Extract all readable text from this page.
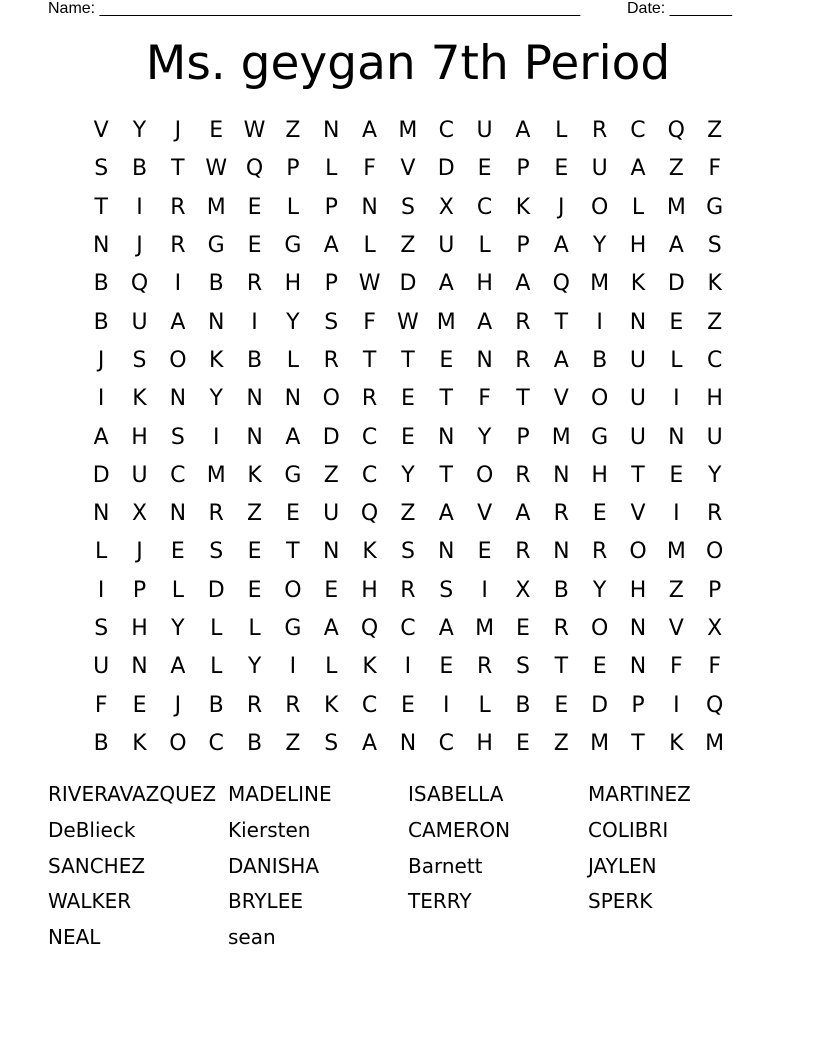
Name: ______________________________________________________	Date: _______
Ms. geygan 7th Period
V	Y	J	E W Z	N	A M C	U	A	L	R	C Q	Z
S	B	T W Q	P	L	F	V	D	E	P	E	U	A	Z	F
T	I	R M E	L	P	N	S	X	C	K	J	O	L	M G
N	J	R	G	E	G	A	L	Z	U	L	P	A	Y	H	A	S
B	Q	I	B	R	H	P W D	A	H	A	Q M K	D	K
B	U	A	N	I	Y	S	F W M A	R	T	I	N	E	Z
J	S	O	K	B	L	R	T	T	E	N	R	A	B	U	L	C
I	K	N	Y	N N O	R	E	T	F	T	V	O U	I	H
A	H	S	I	N	A	D	C	E	N	Y	P	M G U	N	U
D U	C M K	G	Z	C	Y	T	O	R	N H	T	E	Y
N	X	N	R	Z	E	U Q	Z	A	V	A	R	E	V	I	R
L	J	E	S	E	T	N	K	S	N	E	R	N	R	O M O
I	P	L	D	E	O	E	H	R	S	I	X	B	Y	H	Z	P
S	H	Y	L	L	G	A	Q	C	A M E	R	O N	V	X
U	N	A	L	Y	I	L	K	I	E	R	S	T	E	N	F	F
F	E	J	B	R	R	K	C	E	I	L	B	E	D	P	I	Q
B	K	O	C	B	Z	S	A	N	C	H	E	Z M	T	K M
RIVERAVAZQUEZ MADELINE	ISABELLA	MARTINEZ
DeBlieck	Kiersten	CAMERON	COLIBRI
SANCHEZ	DANISHA	Barnett	JAYLEN
WALKER	BRYLEE	TERRY	SPERK
NEAL	sean
